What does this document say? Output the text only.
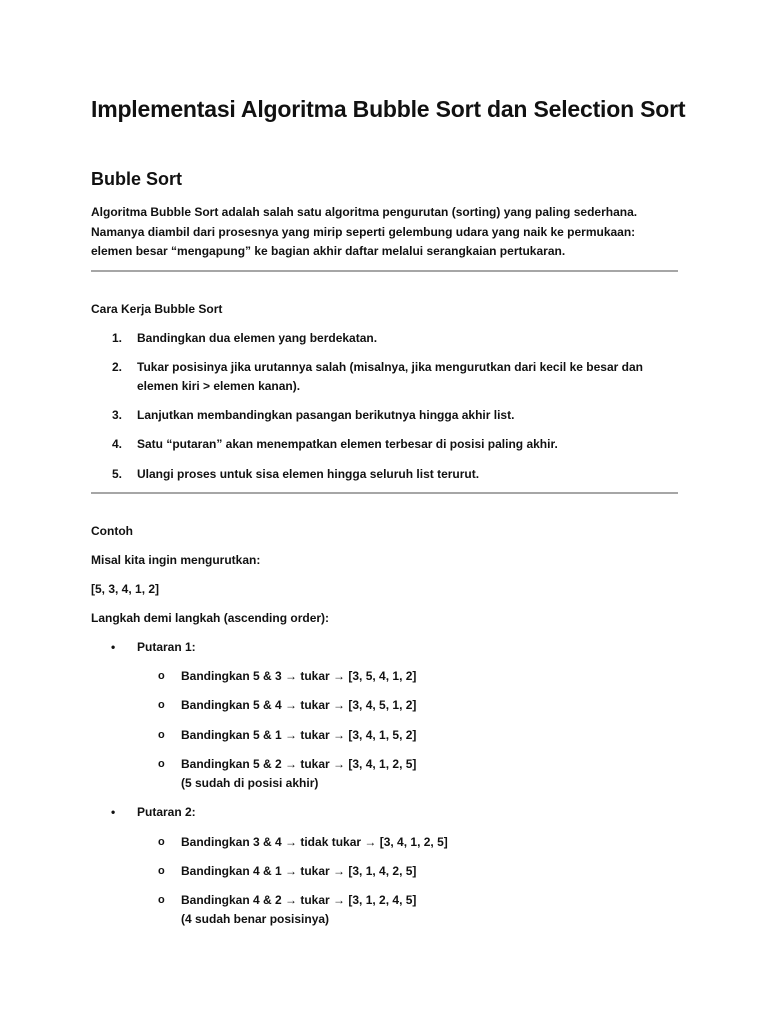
Implementasi Algoritma Bubble Sort dan Selection Sort
Buble Sort

Algoritma Bubble Sort adalah salah satu algoritma pengurutan (sorting) yang paling sederhana.
Namanya diambil dari prosesnya yang mirip seperti gelembung udara yang naik ke permukaan:
elemen besar “mengapung” ke bagian akhir daftar melalui serangkaian pertukaran.

Cara Kerja Bubble Sort

1. Bandingkan dua elemen yang berdekatan.

2. Tukar posisinya jika urutannya salah (misalnya, jika mengurutkan dari kecil ke besar dan
elemen kiri > elemen kanan).

3. Lanjutkan membandingkan pasangan berikutnya hingga akhir list.

4. Satu “putaran” akan menempatkan elemen terbesar di posisi paling akhir.

5. Ulangi proses untuk sisa elemen hingga seluruh list terurut.

Contoh

Misal kita ingin mengurutkan:

[5, 3, 4, 1, 2]

Langkah demi langkah (ascending order):

• Putaran 1:

o Bandingkan 5 & 3 → tukar → [3, 5, 4, 1, 2]

o Bandingkan 5 & 4 → tukar → [3, 4, 5, 1, 2]

o Bandingkan 5 & 1 → tukar → [3, 4, 1, 5, 2]

o Bandingkan 5 & 2 → tukar → [3, 4, 1, 2, 5]
(5 sudah di posisi akhir)

• Putaran 2:

o Bandingkan 3 & 4 → tidak tukar → [3, 4, 1, 2, 5]

o Bandingkan 4 & 1 → tukar → [3, 1, 4, 2, 5]

o Bandingkan 4 & 2 → tukar → [3, 1, 2, 4, 5]
(4 sudah benar posisinya)
